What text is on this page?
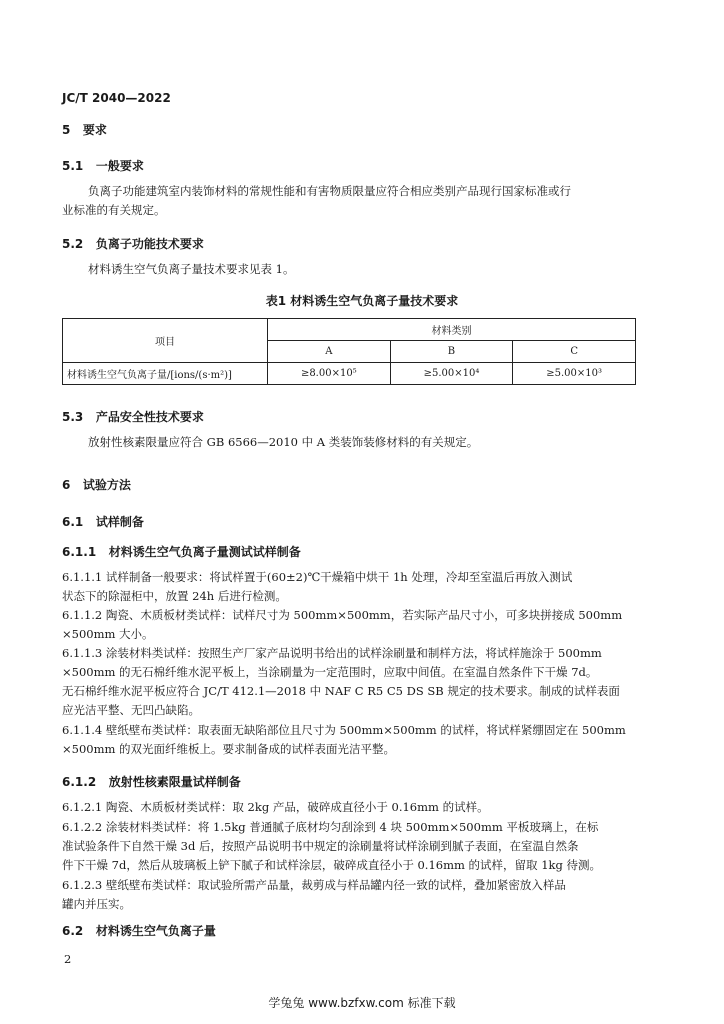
JC/T 2040—2022
5 要求
5.1 一般要求
负离子功能建筑室内装饰材料的常规性能和有害物质限量应符合相应类别产品现行国家标准或行
业标准的有关规定。
5.2 负离子功能技术要求
材料诱生空气负离子量技术要求见表 1。
表1 材料诱生空气负离子量技术要求
项目	材料类别		
	A	B	C
材料诱生空气负离子量/[ions/(s·m²)]	≥8.00×10⁵	≥5.00×10⁴	≥5.00×10³
5.3 产品安全性技术要求
放射性核素限量应符合 GB 6566—2010 中 A 类装饰装修材料的有关规定。
6 试验方法
6.1 试样制备
6.1.1 材料诱生空气负离子量测试试样制备
6.1.1.1 试样制备一般要求：将试样置于(60±2)℃干燥箱中烘干 1h 处理，冷却至室温后再放入测试
状态下的除湿柜中，放置 24h 后进行检测。
6.1.1.2 陶瓷、木质板材类试样：试样尺寸为 500mm×500mm，若实际产品尺寸小，可多块拼接成 500mm
×500mm 大小。
6.1.1.3 涂装材料类试样：按照生产厂家产品说明书给出的试样涂刷量和制样方法，将试样施涂于 500mm
×500mm 的无石棉纤维水泥平板上，当涂刷量为一定范围时，应取中间值。在室温自然条件下干燥 7d。
无石棉纤维水泥平板应符合 JC/T 412.1—2018 中 NAF C R5 C5 DS SB 规定的技术要求。制成的试样表面
应光洁平整、无凹凸缺陷。
6.1.1.4 壁纸壁布类试样：取表面无缺陷部位且尺寸为 500mm×500mm 的试样，将试样紧绷固定在 500mm
×500mm 的双光面纤维板上。要求制备成的试样表面光洁平整。
6.1.2 放射性核素限量试样制备
6.1.2.1 陶瓷、木质板材类试样：取 2kg 产品，破碎成直径小于 0.16mm 的试样。
6.1.2.2 涂装材料类试样：将 1.5kg 普通腻子底材均匀刮涂到 4 块 500mm×500mm 平板玻璃上，在标
准试验条件下自然干燥 3d 后，按照产品说明书中规定的涂刷量将试样涂刷到腻子表面，在室温自然条
件下干燥 7d，然后从玻璃板上铲下腻子和试样涂层，破碎成直径小于 0.16mm 的试样，留取 1kg 待测。
6.1.2.3 壁纸壁布类试样：取试验所需产品量，裁剪成与样品罐内径一致的试样，叠加紧密放入样品
罐内并压实。
6.2 材料诱生空气负离子量
2
学兔兔 www.bzfxw.com 标准下载
